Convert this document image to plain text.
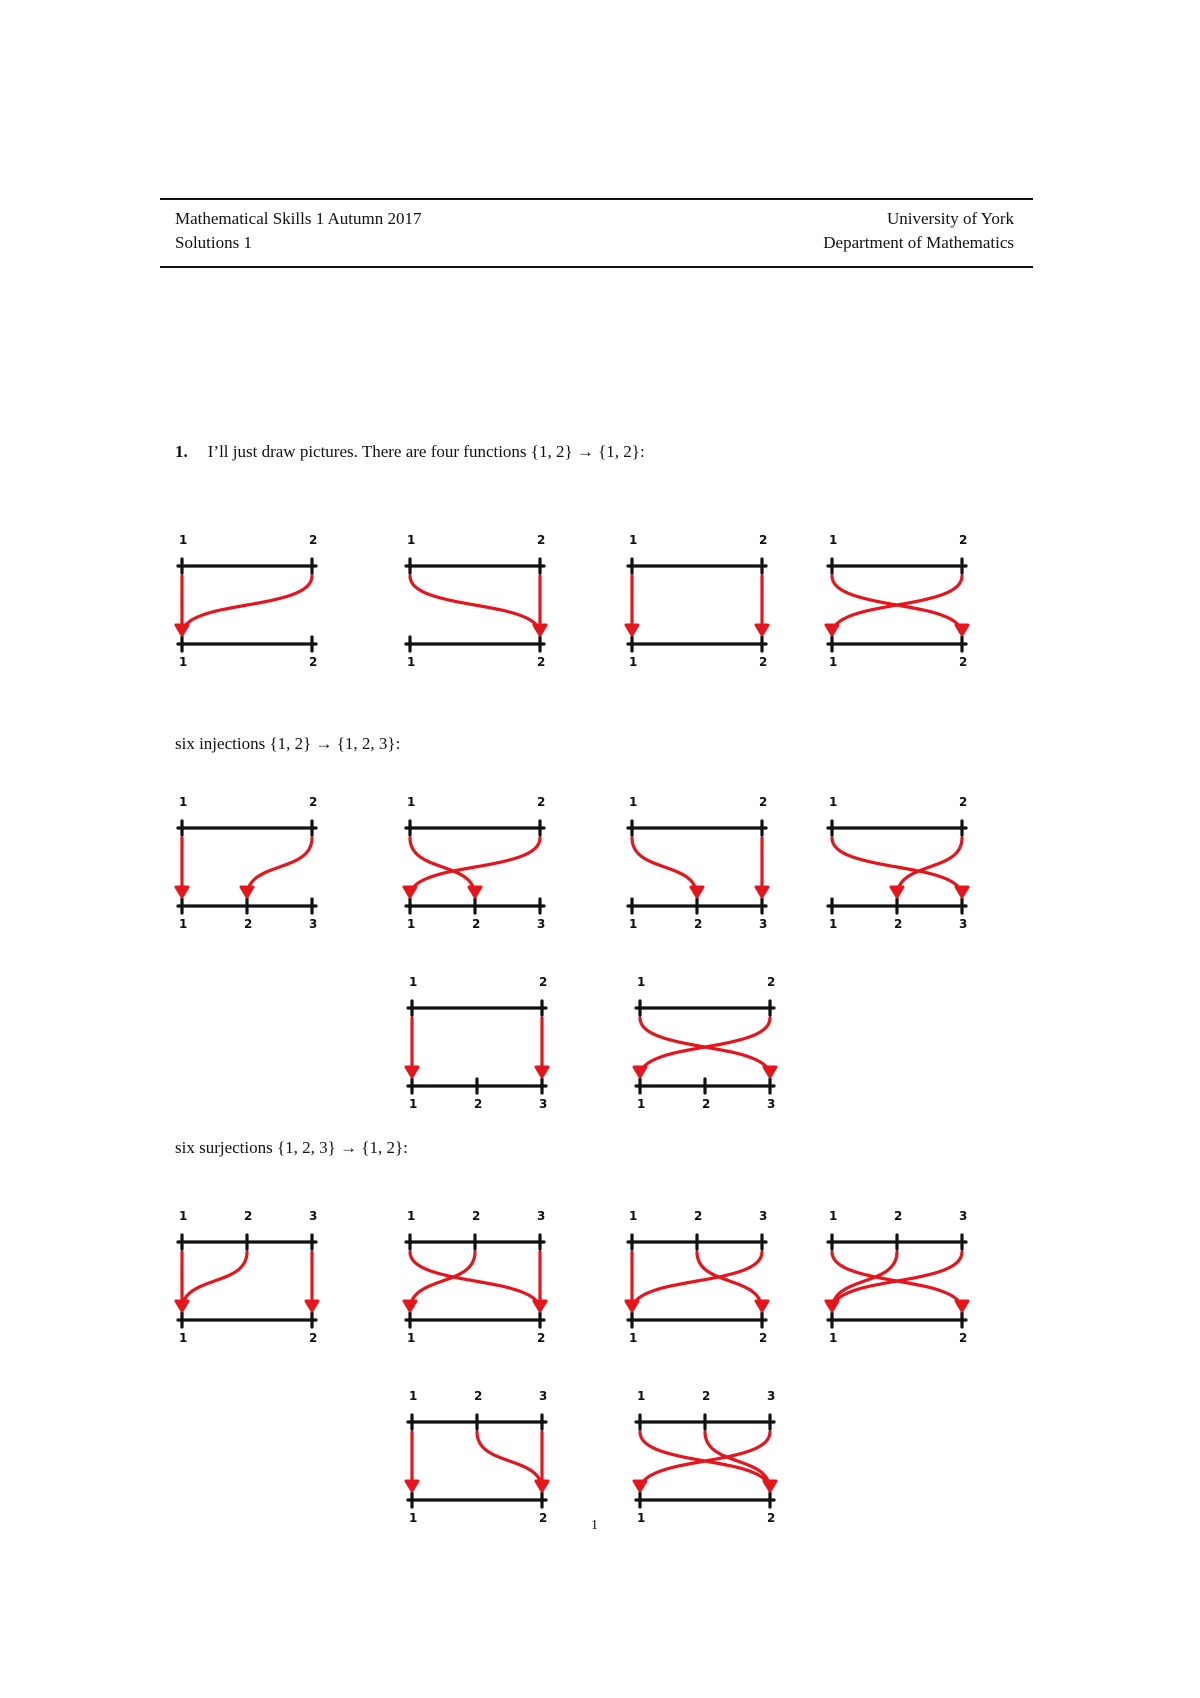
Mathematical Skills 1 Autumn 2017
Solutions 1
University of York
Department of Mathematics
1. I’ll just draw pictures. There are four functions {1, 2} → {1, 2}:
1	2
1	2
1	2
1	2
1	2
1	2
1	2
1	2
six injections {1, 2} → {1, 2, 3}:
1	2
1	2	3
1	2
1	2	3
1	2
1	2	3
1	2
1	2	3
1	2
1	2	3
1	2
1	2	3
six surjections {1, 2, 3} → {1, 2}:
1	2	3
1	2
1	2	3
1	2
1	2	3
1	2
1	2	3
1	2
1	2	3
1	2
1	2	3
1	2
1
